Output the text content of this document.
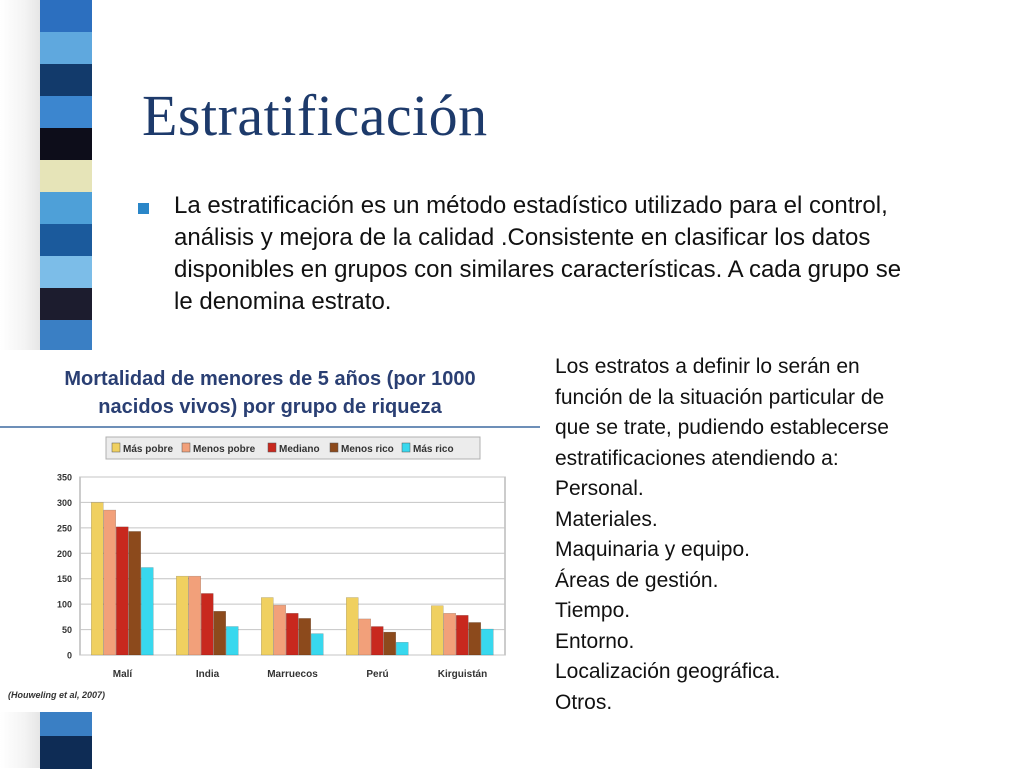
Estratificación

La estratificación es un método estadístico utilizado para el control, análisis y mejora de la calidad .Consistente en clasificar los datos disponibles en grupos con similares características. A cada grupo se le denomina estrato.

Mortalidad de menores de 5 años (por 1000
nacidos vivos) por grupo de riqueza
Más pobre Menos pobre Mediano Menos rico Más rico
0
50
100
150
200
250
300
350
Malí	India	Marruecos	Perú	Kirguistán
(Houweling et al, 2007)
Los estratos a definir lo serán en
función de la situación particular de
que se trate, pudiendo establecerse
estratificaciones atendiendo a:
Personal.
Materiales.
Maquinaria y equipo.
Áreas de gestión.
Tiempo.
Entorno.
Localización geográfica.
Otros.
